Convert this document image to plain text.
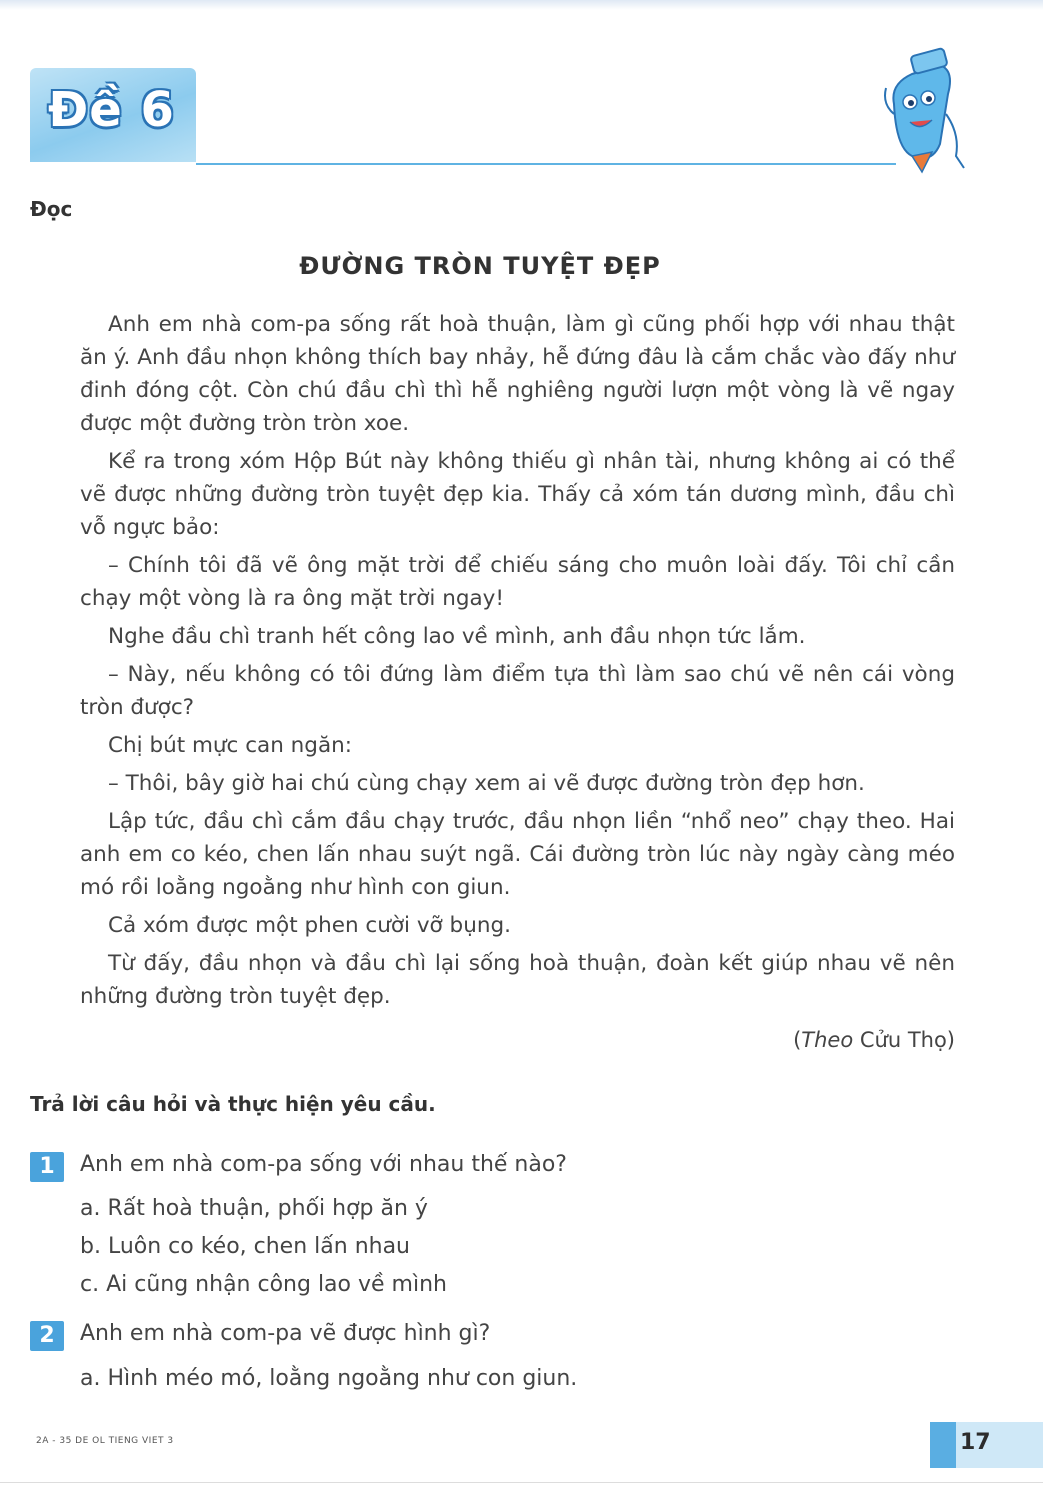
Đề 6
Đọc
ĐƯỜNG TRÒN TUYỆT ĐẸP

Anh em nhà com-pa sống rất hoà thuận, làm gì cũng phối hợp với nhau thật ăn ý. Anh đầu nhọn không thích bay nhảy, hễ đứng đâu là cắm chắc vào đấy như đinh đóng cột. Còn chú đầu chì thì hễ nghiêng người lượn một vòng là vẽ ngay được một đường tròn tròn xoe.

Kể ra trong xóm Hộp Bút này không thiếu gì nhân tài, nhưng không ai có thể vẽ được những đường tròn tuyệt đẹp kia. Thấy cả xóm tán dương mình, đầu chì vỗ ngực bảo:

– Chính tôi đã vẽ ông mặt trời để chiếu sáng cho muôn loài đấy. Tôi chỉ cần chạy một vòng là ra ông mặt trời ngay!

Nghe đầu chì tranh hết công lao về mình, anh đầu nhọn tức lắm.

– Này, nếu không có tôi đứng làm điểm tựa thì làm sao chú vẽ nên cái vòng tròn được?

Chị bút mực can ngăn:

– Thôi, bây giờ hai chú cùng chạy xem ai vẽ được đường tròn đẹp hơn.

Lập tức, đầu chì cắm đầu chạy trước, đầu nhọn liền “nhổ neo” chạy theo. Hai anh em co kéo, chen lấn nhau suýt ngã. Cái đường tròn lúc này ngày càng méo mó rồi loằng ngoằng như hình con giun.

Cả xóm được một phen cười vỡ bụng.

Từ đấy, đầu nhọn và đầu chì lại sống hoà thuận, đoàn kết giúp nhau vẽ nên những đường tròn tuyệt đẹp.

(Theo Cửu Thọ)
Trả lời câu hỏi và thực hiện yêu cầu.
1	Anh em nhà com-pa sống với nhau thế nào?
a. Rất hoà thuận, phối hợp ăn ý
b. Luôn co kéo, chen lấn nhau
c. Ai cũng nhận công lao về mình
2	Anh em nhà com-pa vẽ được hình gì?
a. Hình méo mó, loằng ngoằng như con giun.
2A - 35 DE OL TIENG VIET 3	17
